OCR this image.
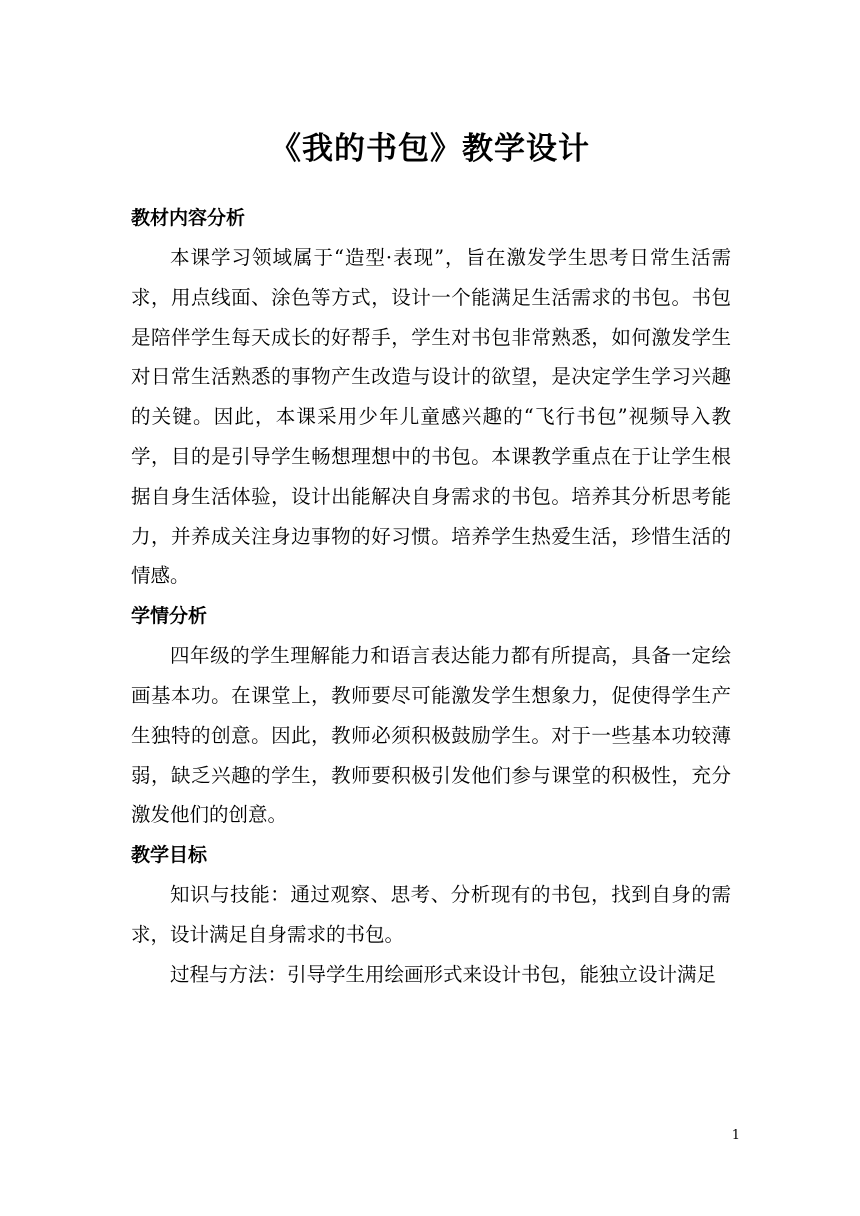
《我的书包》教学设计
教材内容分析

本课学习领域属于“造型·表现”，旨在激发学生思考日常生活需求，用点线面、涂色等方式，设计一个能满足生活需求的书包。书包是陪伴学生每天成长的好帮手，学生对书包非常熟悉，如何激发学生对日常生活熟悉的事物产生改造与设计的欲望，是决定学生学习兴趣的关键。因此，本课采用少年儿童感兴趣的“飞行书包”视频导入教学，目的是引导学生畅想理想中的书包。本课教学重点在于让学生根据自身生活体验，设计出能解决自身需求的书包。培养其分析思考能力，并养成关注身边事物的好习惯。培养学生热爱生活，珍惜生活的情感。

学情分析

四年级的学生理解能力和语言表达能力都有所提高，具备一定绘画基本功。在课堂上，教师要尽可能激发学生想象力，促使得学生产生独特的创意。因此，教师必须积极鼓励学生。对于一些基本功较薄弱，缺乏兴趣的学生，教师要积极引发他们参与课堂的积极性，充分激发他们的创意。

教学目标

知识与技能：通过观察、思考、分析现有的书包，找到自身的需求，设计满足自身需求的书包。

过程与方法：引导学生用绘画形式来设计书包，能独立设计满足

1
